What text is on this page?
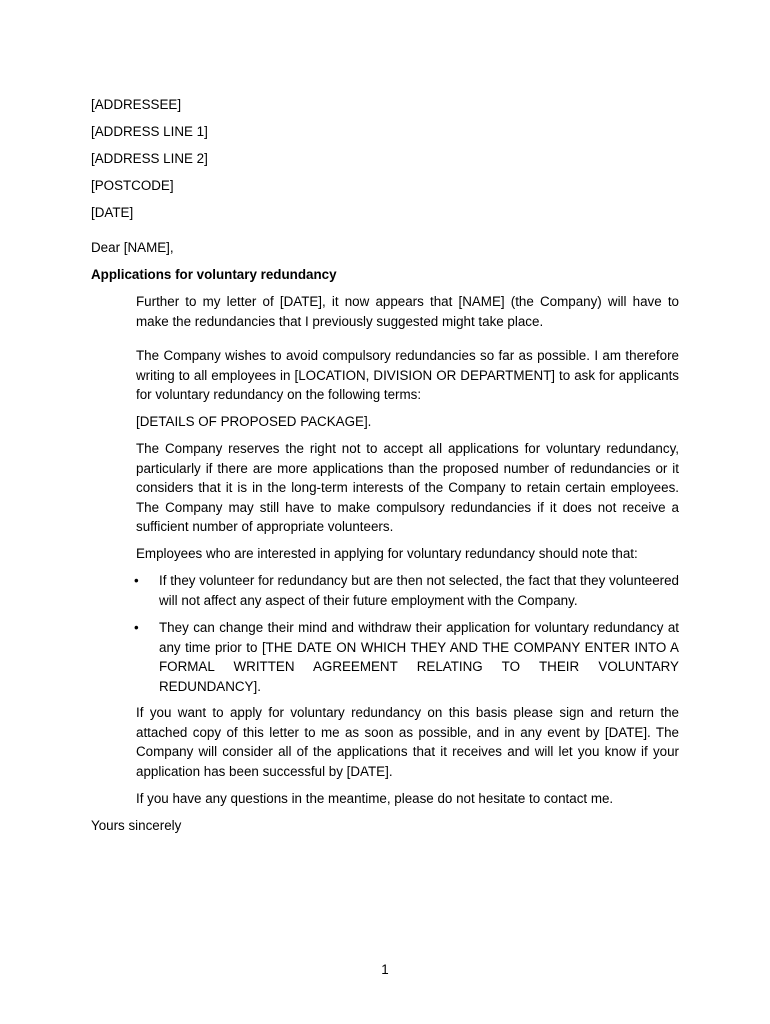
[ADDRESSEE]

[ADDRESS LINE 1]

[ADDRESS LINE 2]

[POSTCODE]

[DATE]

Dear [NAME],

Applications for voluntary redundancy

Further to my letter of [DATE], it now appears that [NAME] (the Company) will have to make the redundancies that I previously suggested might take place.

The Company wishes to avoid compulsory redundancies so far as possible. I am therefore writing to all employees in [LOCATION, DIVISION OR DEPARTMENT] to ask for applicants for voluntary redundancy on the following terms:

[DETAILS OF PROPOSED PACKAGE].

The Company reserves the right not to accept all applications for voluntary redundancy, particularly if there are more applications than the proposed number of redundancies or it considers that it is in the long-term interests of the Company to retain certain employees. The Company may still have to make compulsory redundancies if it does not receive a sufficient number of appropriate volunteers.

Employees who are interested in applying for voluntary redundancy should note that:

• If they volunteer for redundancy but are then not selected, the fact that they volunteered will not affect any aspect of their future employment with the Company.

• They can change their mind and withdraw their application for voluntary redundancy at any time prior to [THE DATE ON WHICH THEY AND THE COMPANY ENTER INTO A FORMAL WRITTEN AGREEMENT RELATING TO THEIR VOLUNTARY REDUNDANCY].

If you want to apply for voluntary redundancy on this basis please sign and return the attached copy of this letter to me as soon as possible, and in any event by [DATE]. The Company will consider all of the applications that it receives and will let you know if your application has been successful by [DATE].

If you have any questions in the meantime, please do not hesitate to contact me.

Yours sincerely

1
